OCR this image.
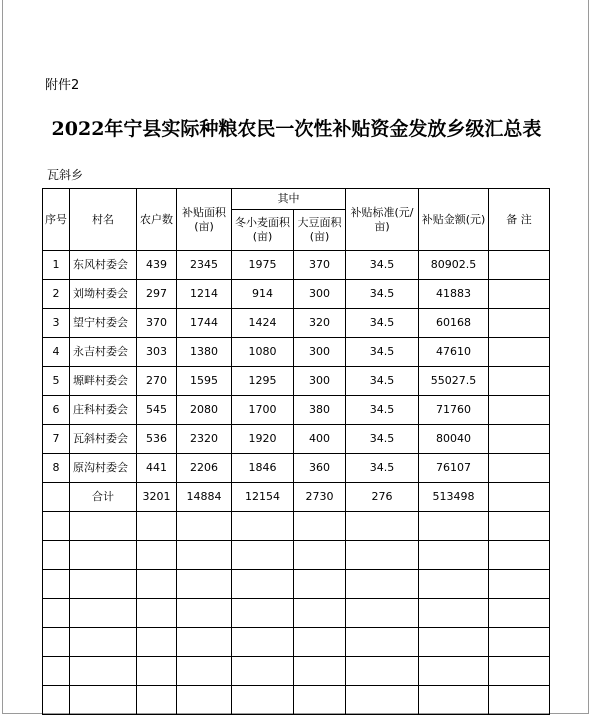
附件2
2022年宁县实际种粮农民一次性补贴资金发放乡级汇总表
瓦斜乡
序号	村名	农户数	补贴面积(亩)	其中		补贴标准(元/亩)	补贴金额(元)	备 注
				冬小麦面积(亩)	大豆面积(亩)			
1	东风村委会	439	2345	1975	370	34.5	80902.5	
2	刘坳村委会	297	1214	914	300	34.5	41883	
3	望宁村委会	370	1744	1424	320	34.5	60168	
4	永吉村委会	303	1380	1080	300	34.5	47610	
5	塬畔村委会	270	1595	1295	300	34.5	55027.5	
6	庄科村委会	545	2080	1700	380	34.5	71760	
7	瓦斜村委会	536	2320	1920	400	34.5	80040	
8	原沟村委会	441	2206	1846	360	34.5	76107	
	合计	3201	14884	12154	2730	276	513498	
